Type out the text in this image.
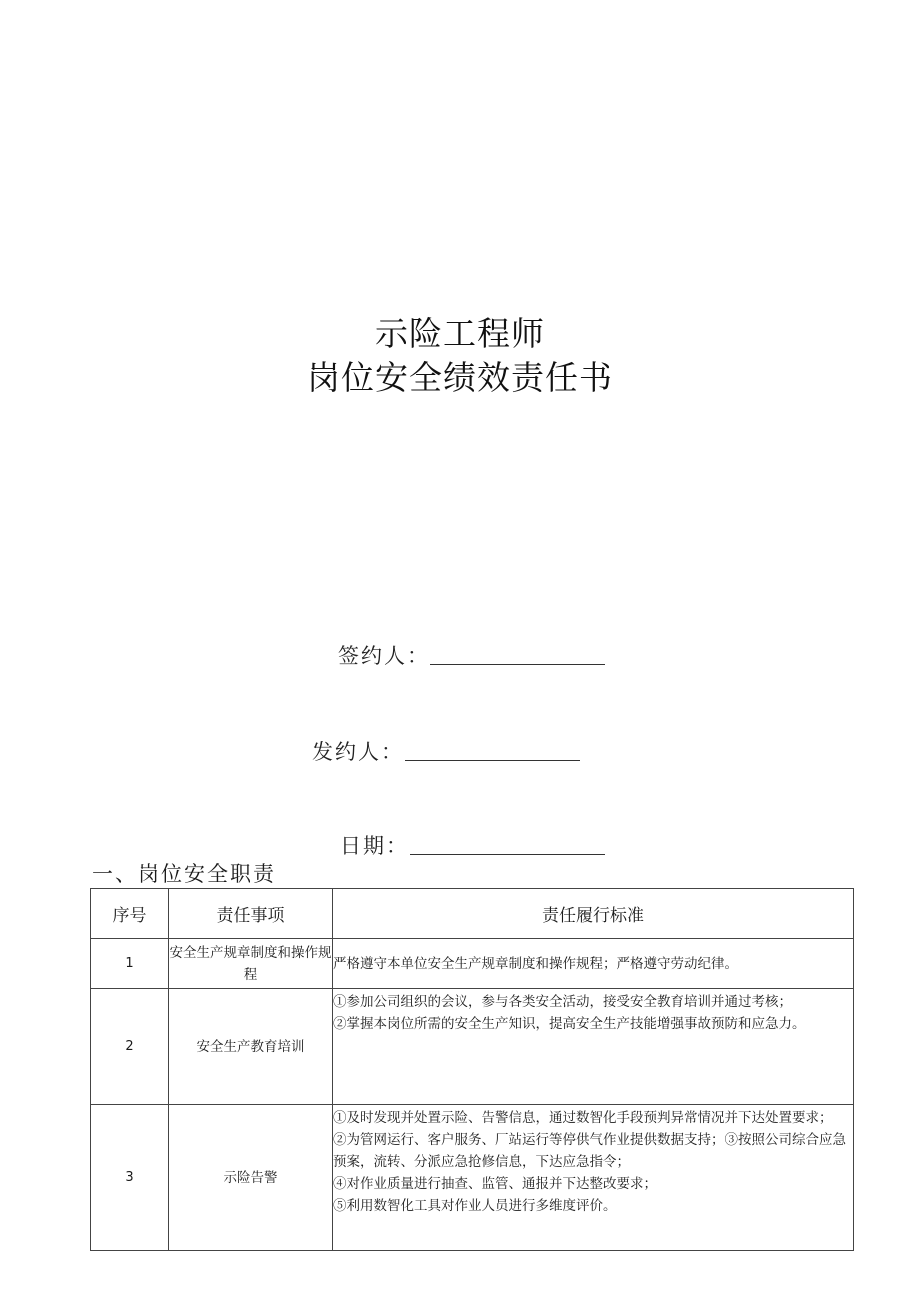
示险工程师
岗位安全绩效责任书
签约人：
发约人：
日期：
一、岗位安全职责
序号	责任事项	责任履行标准
1	安全生产规章制度和操作规程	严格遵守本单位安全生产规章制度和操作规程；严格遵守劳动纪律。

2	安全生产教育培训	①参加公司组织的会议，参与各类安全活动，接受安全教育培训并通过考核；
②掌握本岗位所需的安全生产知识，提高安全生产技能增强事故预防和应急力。

3	示险告警	①及时发现并处置示险、告警信息，通过数智化手段预判异常情况并下达处置要求；
②为管网运行、客户服务、厂站运行等停供气作业提供数据支持；③按照公司综合应急预案，流转、分派应急抢修信息，下达应急指令；
④对作业质量进行抽查、监管、通报并下达整改要求；
⑤利用数智化工具对作业人员进行多维度评价。
